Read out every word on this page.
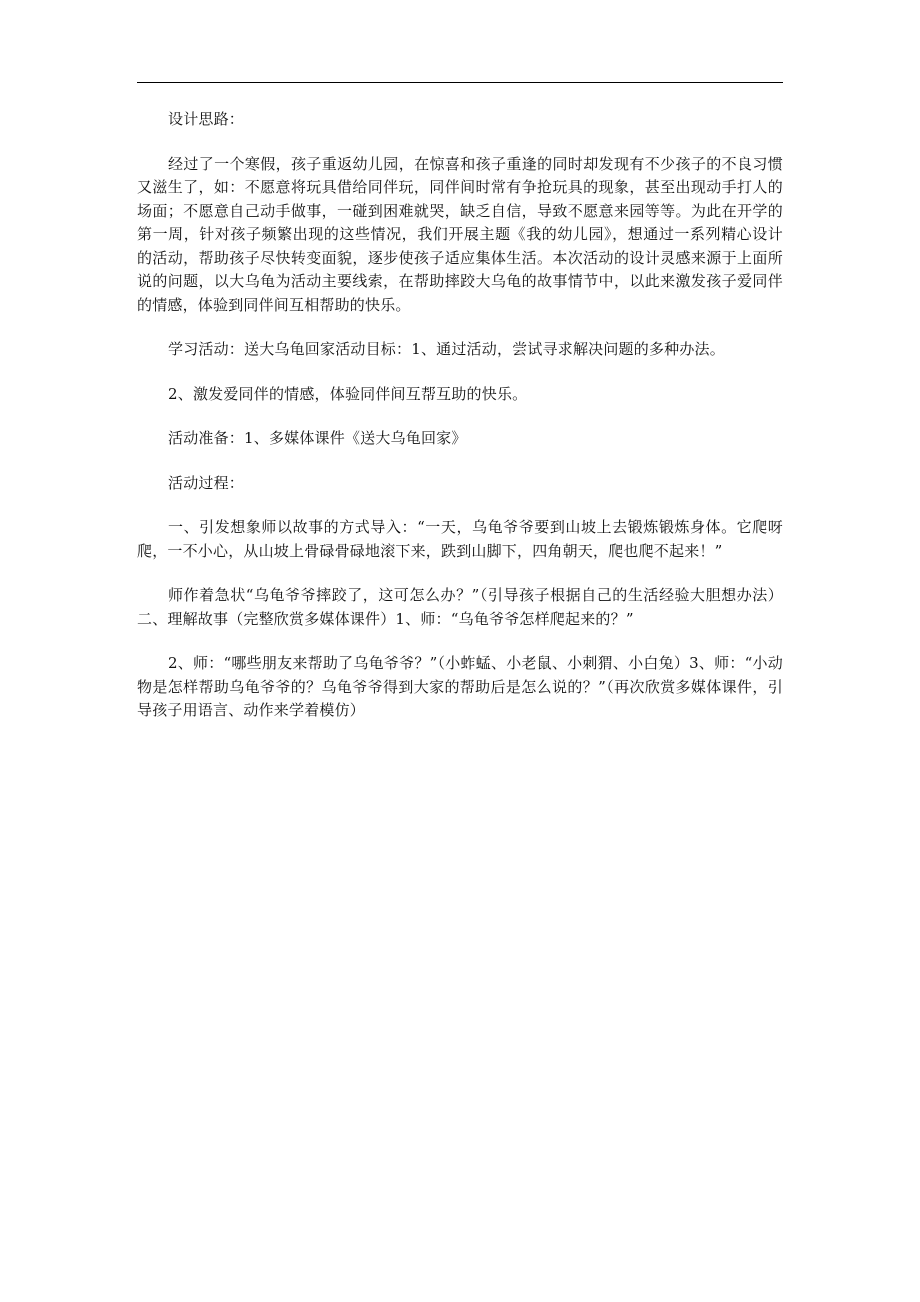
设计思路：

经过了一个寒假，孩子重返幼儿园，在惊喜和孩子重逢的同时却发现有不少孩子的不良习惯又滋生了，如：不愿意将玩具借给同伴玩，同伴间时常有争抢玩具的现象，甚至出现动手打人的场面；不愿意自己动手做事，一碰到困难就哭，缺乏自信，导致不愿意来园等等。为此在开学的第一周，针对孩子频繁出现的这些情况，我们开展主题《我的幼儿园》，想通过一系列精心设计的活动，帮助孩子尽快转变面貌，逐步使孩子适应集体生活。本次活动的设计灵感来源于上面所说的问题，以大乌龟为活动主要线索，在帮助摔跤大乌龟的故事情节中，以此来激发孩子爱同伴的情感，体验到同伴间互相帮助的快乐。

学习活动：送大乌龟回家活动目标：1、通过活动，尝试寻求解决问题的多种办法。

2、激发爱同伴的情感，体验同伴间互帮互助的快乐。

活动准备：1、多媒体课件《送大乌龟回家》

活动过程：

一、引发想象师以故事的方式导入：“一天，乌龟爷爷要到山坡上去锻炼锻炼身体。它爬呀爬，一不小心，从山坡上骨碌骨碌地滚下来，跌到山脚下，四角朝天，爬也爬不起来！”

师作着急状“乌龟爷爷摔跤了，这可怎么办？”（引导孩子根据自己的生活经验大胆想办法）二、理解故事（完整欣赏多媒体课件）1、师：“乌龟爷爷怎样爬起来的？”

2、师：“哪些朋友来帮助了乌龟爷爷？”（小蚱蜢、小老鼠、小刺猬、小白兔）3、师：“小动物是怎样帮助乌龟爷爷的？乌龟爷爷得到大家的帮助后是怎么说的？”（再次欣赏多媒体课件，引导孩子用语言、动作来学着模仿）
